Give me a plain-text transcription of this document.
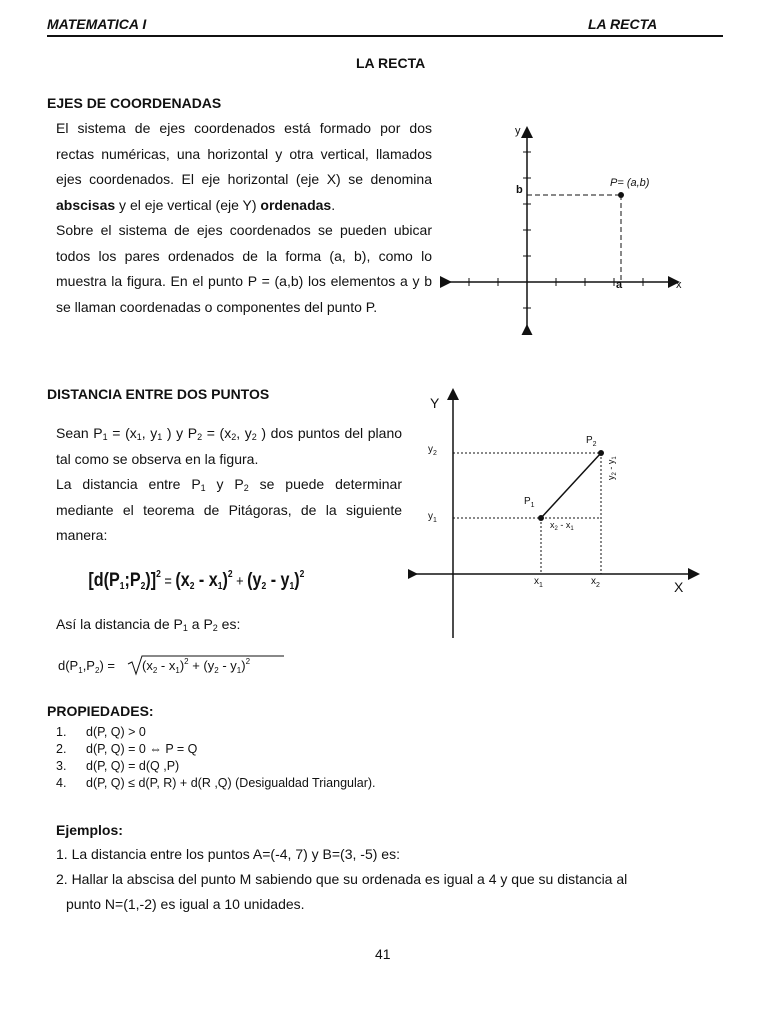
MATEMATICA I	LA RECTA
LA RECTA
EJES DE COORDENADAS
El sistema de ejes coordenados está formado por dos rectas numéricas, una horizontal y otra vertical, llamados ejes coordenados. El eje horizontal (eje X) se denomina abscisas y el eje vertical (eje Y) ordenadas.
Sobre el sistema de ejes coordenados se pueden ubicar todos los pares ordenados de la forma (a, b), como lo muestra la figura. En el punto P = (a,b) los elementos a y b se llaman coordenadas o componentes del punto P.
y
x
b
a
P= (a,b)
DISTANCIA ENTRE DOS PUNTOS
Sean $P_1 = (x_1$, $y_1$ ) y $P_2 = (x_2$, $y_2$ ) dos puntos del plano tal como se observa en la figura.
La distancia entre $P_1$ y $P_2$ se puede determinar mediante el teorema de Pitágoras, de la siguiente manera:
[d(P1;P2)]$^2$ $_=$ (x2 - x1)$^2$ $_+$ (y2 - y1)$^2$
Así la distancia de $P_1$ a $P_2$ es:
$d(P_1,P_2) = (x_2 - x_1)^2 + (y_2 - y_1)^2$
Y
X
$y_2$
$y_1$
$x_1$	$x_2$
$P_1$
$P_2$
$x_2 - x_1$
$y_2 - y_1$
PROPIEDADES:
1. d(P, Q) > 0
2. d(P, Q) = 0 ⇔ P = Q
3. d(P, Q) = d(Q ,P)
4. d(P, Q) ≤ d(P, R) + d(R ,Q) (Desigualdad Triangular).
Ejemplos:
1. La distancia entre los puntos A=(-4, 7) y B=(3, -5) es:
2. Hallar la abscisa del punto M sabiendo que su ordenada es igual a 4 y que su distancia al
punto N=(1,-2) es igual a 10 unidades.
41
